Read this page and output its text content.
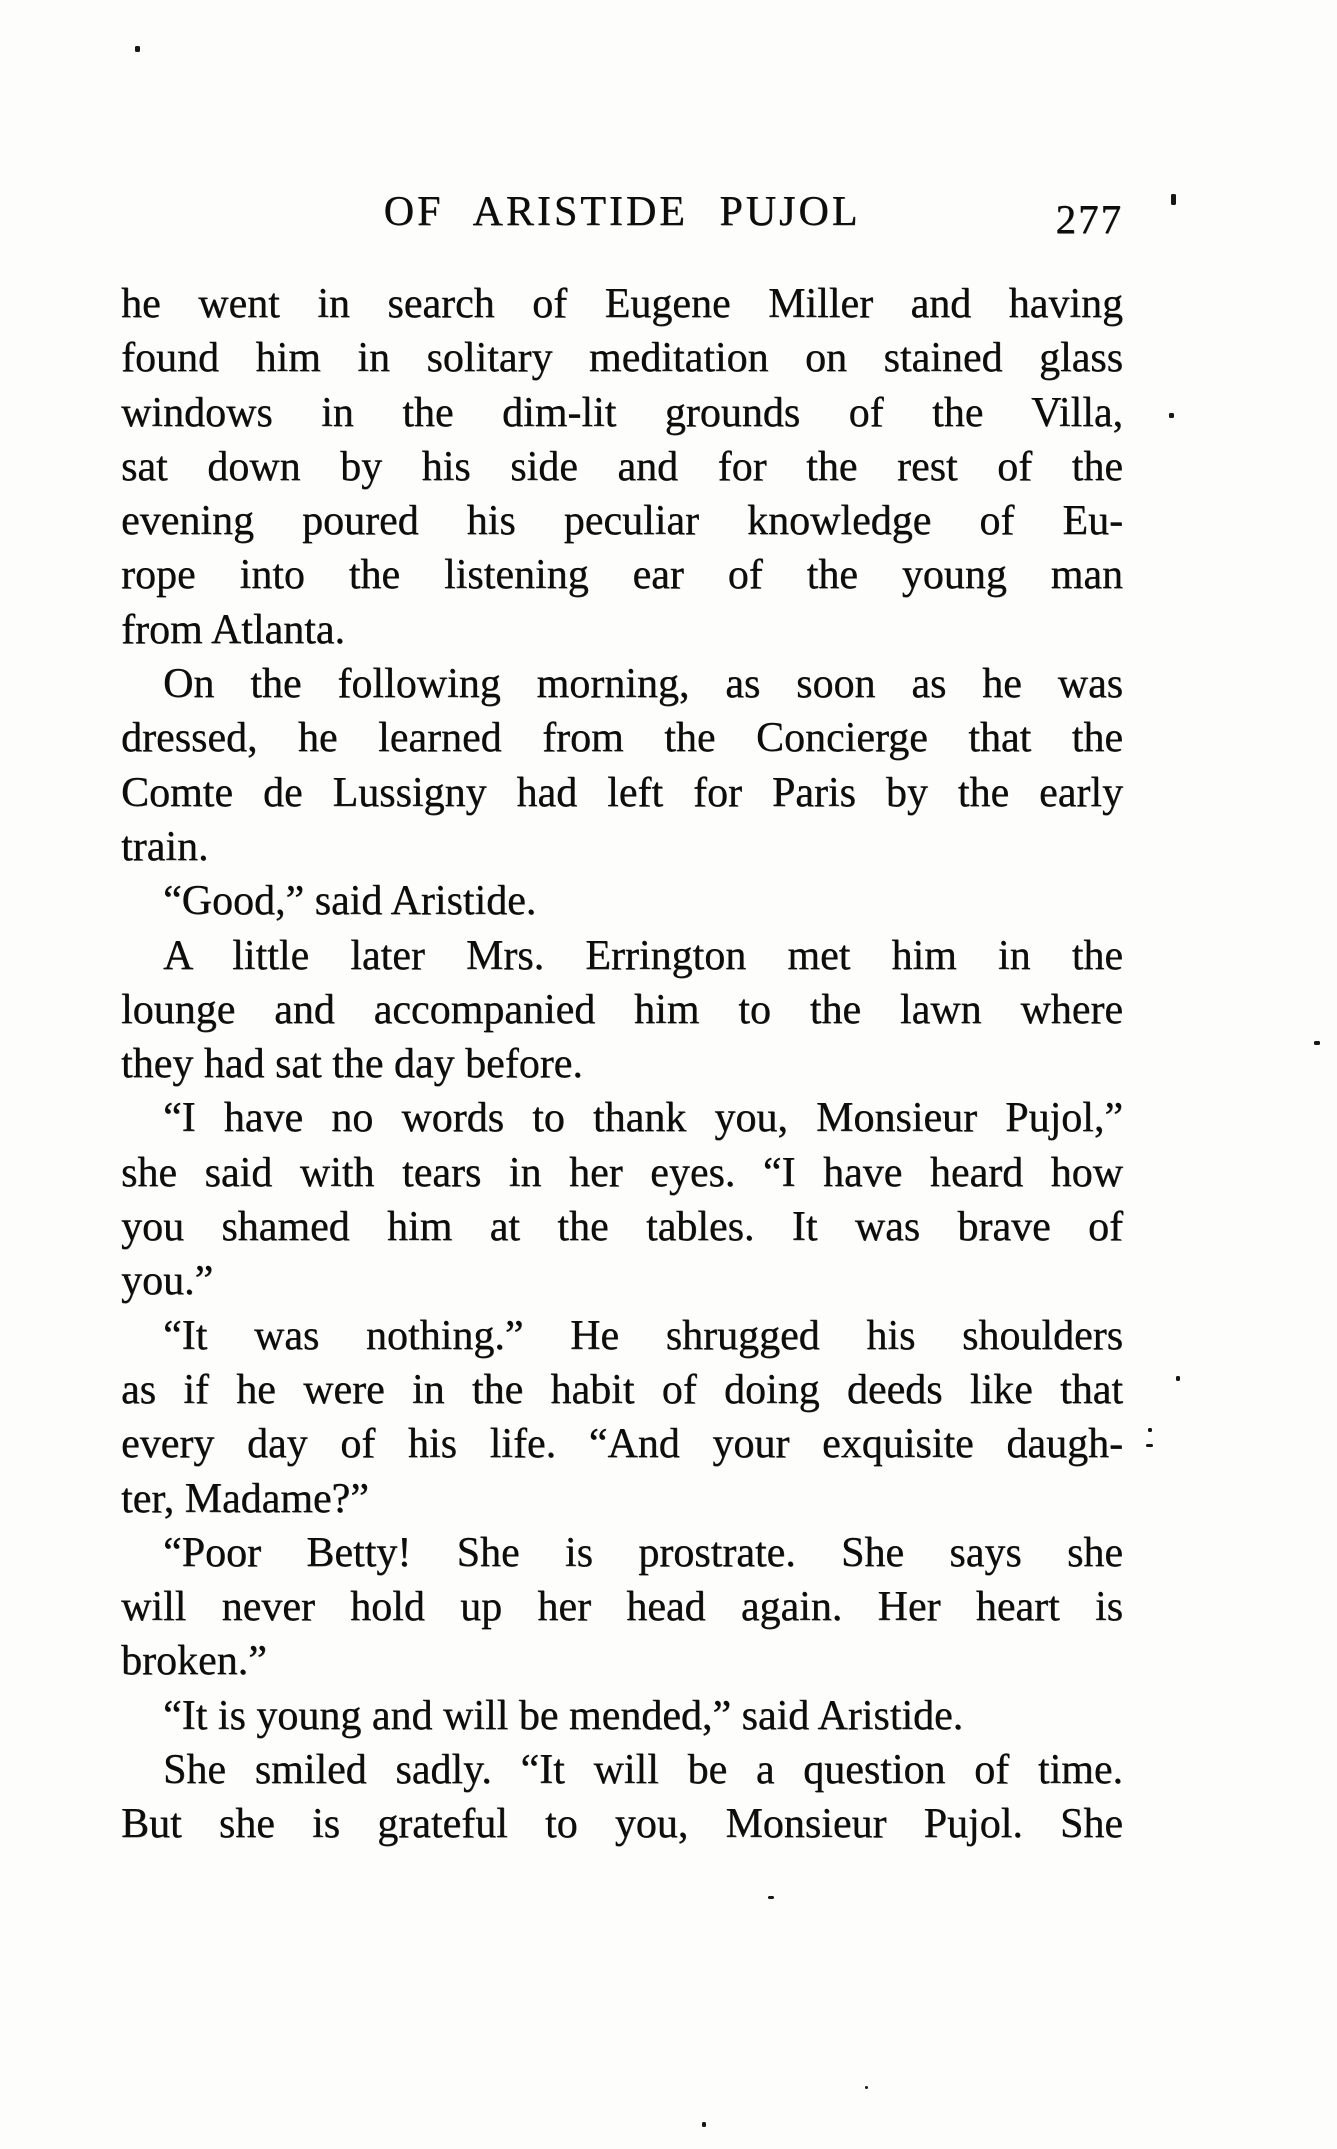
OF ARISTIDE PUJOL	277
he went in search of Eugene Miller and having
found him in solitary meditation on stained glass
windows in the dim-lit grounds of the Villa,
sat down by his side and for the rest of the
evening poured his peculiar knowledge of Eu-
rope into the listening ear of the young man
from Atlanta.
On the following morning, as soon as he was
dressed, he learned from the Concierge that the
Comte de Lussigny had left for Paris by the early
train.
“Good,” said Aristide.
A little later Mrs. Errington met him in the
lounge and accompanied him to the lawn where
they had sat the day before.
“I have no words to thank you, Monsieur Pujol,”
she said with tears in her eyes. “I have heard how
you shamed him at the tables. It was brave of
you.”
“It was nothing.” He shrugged his shoulders
as if he were in the habit of doing deeds like that
every day of his life. “And your exquisite daugh-
ter, Madame?”
“Poor Betty! She is prostrate. She says she
will never hold up her head again. Her heart is
broken.”
“It is young and will be mended,” said Aristide.
She smiled sadly. “It will be a question of time.
But she is grateful to you, Monsieur Pujol. She
